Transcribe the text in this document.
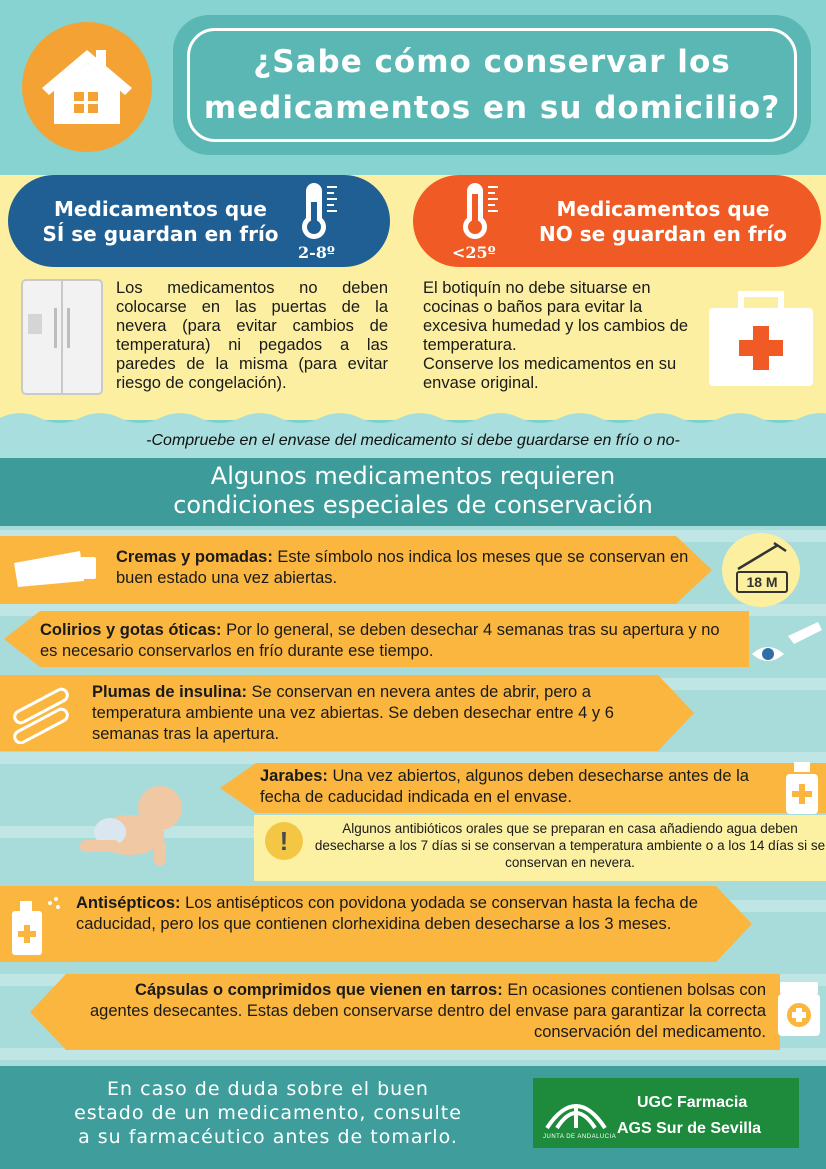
¿Sabe cómo conservar los
medicamentos en su domicilio?
Medicamentos que
SÍ se guardan en frío
2-8º
Medicamentos que
NO se guardan en frío
<25º
Los medicamentos no deben colocarse en las puertas de la nevera (para evitar cambios de temperatura) ni pegados a las paredes de la misma (para evitar riesgo de congelación).

El botiquín no debe situarse en cocinas o baños para evitar la excesiva humedad y los cambios de temperatura.

Conserve los medicamentos en su envase original.

-Compruebe en el envase del medicamento si debe guardarse en frío o no-
Algunos medicamentos requieren
condiciones especiales de conservación
Cremas y pomadas: Este símbolo nos indica los meses que se conservan en buen estado una vez abiertas.	18 M
Colirios y gotas óticas: Por lo general, se deben desechar 4 semanas tras su apertura y no es necesario conservarlos en frío durante ese tiempo.
Plumas de insulina: Se conservan en nevera antes de abrir, pero a temperatura ambiente una vez abiertas. Se deben desechar entre 4 y 6 semanas tras la apertura.
Jarabes: Una vez abiertos, algunos deben desecharse antes de la fecha de caducidad indicada en el envase.
!	Algunos antibióticos orales que se preparan en casa añadiendo agua deben desecharse a los 7 días si se conservan a temperatura ambiente o a los 14 días si se conservan en nevera.
Antisépticos: Los antisépticos con povidona yodada se conservan hasta la fecha de caducidad, pero los que contienen clorhexidina deben desecharse a los 3 meses.
Cápsulas o comprimidos que vienen en tarros: En ocasiones contienen bolsas con agentes desecantes. Estas deben conservarse dentro del envase para garantizar la correcta conservación del medicamento.
En caso de duda sobre el buen
estado de un medicamento, consulte
a su farmacéutico antes de tomarlo.	JUNTA DE ANDALUCIA
UGC Farmacia
AGS Sur de Sevilla
